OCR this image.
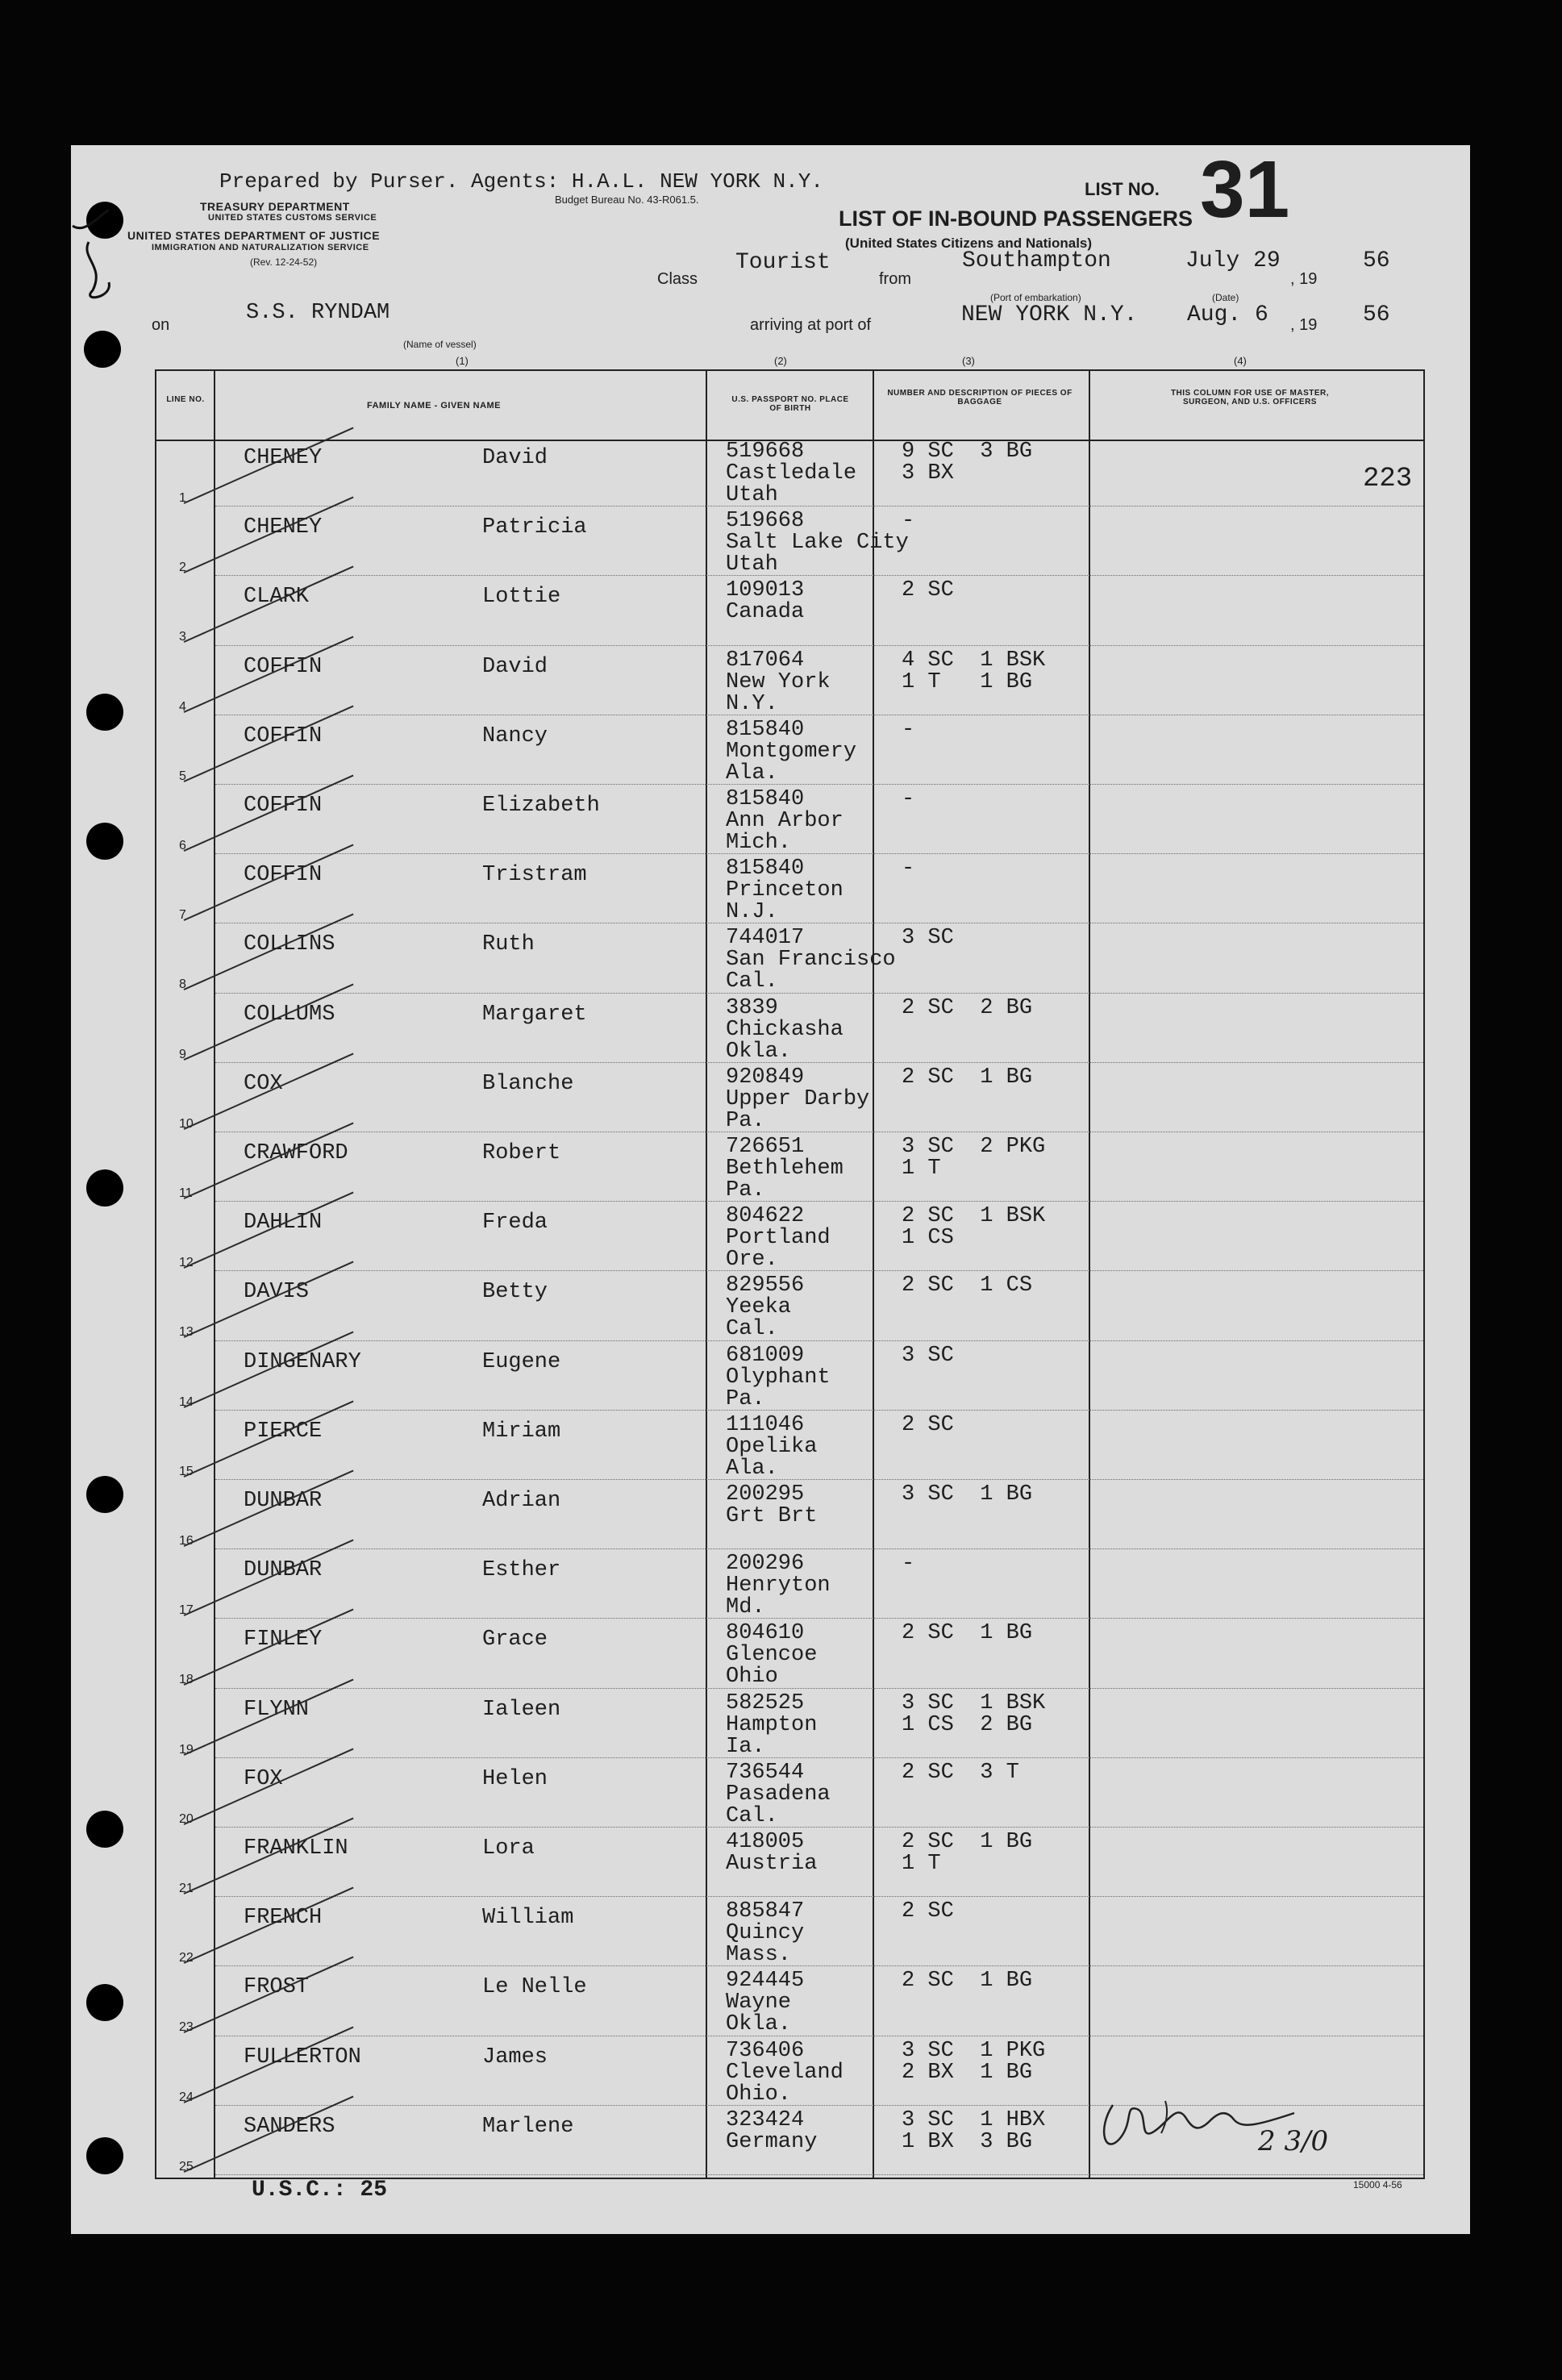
Prepared by Purser. Agents: H.A.L. NEW YORK N.Y.
TREASURY DEPARTMENT
UNITED STATES CUSTOMS SERVICE
UNITED STATES DEPARTMENT OF JUSTICE
IMMIGRATION AND NATURALIZATION SERVICE
(Rev. 12-24-52)
Budget Bureau No. 43-R061.5.
LIST NO. 31
LIST OF IN-BOUND PASSENGERS
(United States Citizens and Nationals)
Class
Tourist
from
Southampton
(Port of embarkation)
July 29
, 19
56
(Date)
on	S.S. RYNDAM
(Name of vessel)
arriving at port of	NEW YORK N.Y. Aug. 6 , 19 56
(1)	(2)	(3)	(4)
LINE NO.
FAMILY NAME - GIVEN NAME
U.S. PASSPORT NO. PLACE OF BIRTH
NUMBER AND DESCRIPTION OF PIECES OF BAGGAGE
THIS COLUMN FOR USE OF MASTER, SURGEON, AND U.S. OFFICERS
1
CHENEY	David	519668
Castledale
Utah
9 SC  3 BG
3 BX
2
CHENEY	Patricia	519668
Salt Lake City
Utah
-
3
CLARK	Lottie	109013
Canada
2 SC
4
COFFIN	David	817064
New York
N.Y.
4 SC  1 BSK
1 T   1 BG
5
COFFIN	Nancy	815840
Montgomery
Ala.
-
6
COFFIN	Elizabeth	815840
Ann Arbor
Mich.
-
7
COFFIN	Tristram	815840
Princeton
N.J.
-
8
COLLINS	Ruth	744017
San Francisco
Cal.
3 SC
9
COLLUMS	Margaret	3839
Chickasha
Okla.
2 SC  2 BG
10
COX	Blanche	920849
Upper Darby
Pa.
2 SC  1 BG
11
CRAWFORD	Robert	726651
Bethlehem
Pa.
3 SC  2 PKG
1 T
12
DAHLIN	Freda	804622
Portland
Ore.
2 SC  1 BSK
1 CS
13
DAVIS	Betty	829556
Yeeka
Cal.
2 SC  1 CS
14
DINGENARY	Eugene	681009
Olyphant
Pa.
3 SC
15
PIERCE	Miriam	111046
Opelika
Ala.
2 SC
16
DUNBAR	Adrian	200295
Grt Brt
3 SC  1 BG
17
DUNBAR	Esther	200296
Henryton
Md.
-
18
FINLEY	Grace	804610
Glencoe
Ohio
2 SC  1 BG
19
FLYNN	Ialeen	582525
Hampton
Ia.
3 SC  1 BSK
1 CS  2 BG
20
FOX	Helen	736544
Pasadena
Cal.
2 SC  3 T
21
FRANKLIN	Lora	418005
Austria
2 SC  1 BG
1 T
22
FRENCH	William	885847
Quincy
Mass.
2 SC
23
FROST	Le Nelle	924445
Wayne
Okla.
2 SC  1 BG
24
FULLERTON	James	736406
Cleveland
Ohio.
3 SC  1 PKG
2 BX  1 BG
25
SANDERS	Marlene	323424
Germany
3 SC  1 HBX
1 BX  3 BG
223
U.S.C.: 25	15000 4-56
2 3/0
